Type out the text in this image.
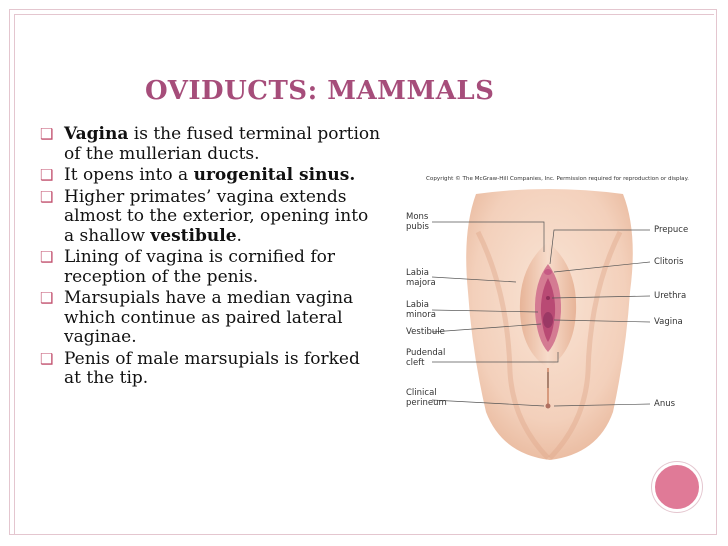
OVIDUCTS: MAMMALS
❑ Vagina is the fused terminal portion of the mullerian ducts.
❑ It opens into a urogenital sinus.
❑ Higher primates’ vagina extends almost to the exterior, opening into a shallow vestibule.
❑ Lining of vagina is cornified for reception of the penis.
❑ Marsupials have a median vagina which continue as paired lateral vaginae.
❑ Penis of male marsupials is forked at the tip.
Copyright © The McGraw-Hill Companies, Inc. Permission required for reproduction or display.
Mons
pubis
Labia
majora
Labia
minora
Vestibule
Pudendal
cleft
Clinical
perineum
Prepuce
Clitoris
Urethra
Vagina
Anus
